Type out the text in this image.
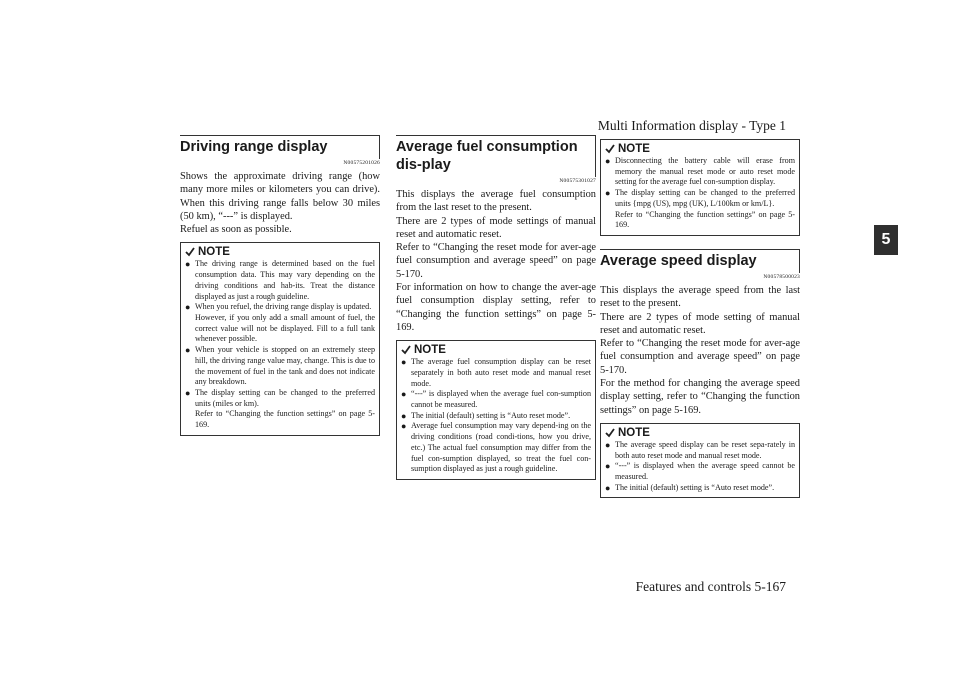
Multi Information display - Type 1
5
Driving range display
N00575201026

Shows the approximate driving range (how many more miles or kilometers you can drive). When this driving range falls below 30 miles (50 km), “---” is displayed.

Refuel as soon as possible.

NOTE
● The driving range is determined based on the fuel consumption data. This may vary depending on the driving conditions and hab-its. Treat the distance displayed as just a rough guideline.
● When you refuel, the driving range display is updated.
However, if you only add a small amount of fuel, the correct value will not be displayed. Fill to a full tank whenever possible.
● When your vehicle is stopped on an extremely steep hill, the driving range value may, change. This is due to the movement of fuel in the tank and does not indicate any breakdown.
● The display setting can be changed to the preferred units (miles or km).
Refer to “Changing the function settings” on page 5-169.
Average fuel consumption dis-play
N00575301027

This displays the average fuel consumption from the last reset to the present.

There are 2 types of mode settings of manual reset and automatic reset.

Refer to “Changing the reset mode for aver-age fuel consumption and average speed” on page 5-170.

For information on how to change the aver-age fuel consumption display setting, refer to “Changing the function settings” on page 5-169.

NOTE
● The average fuel consumption display can be reset separately in both auto reset mode and manual reset mode.
● “---” is displayed when the average fuel con-sumption cannot be measured.
● The initial (default) setting is “Auto reset mode”.
● Average fuel consumption may vary depend-ing on the driving conditions (road condi-tions, how you drive, etc.) The actual fuel consumption may differ from the fuel con-sumption displayed, so treat the fuel con-sumption displayed as just a rough guideline.
NOTE
● Disconnecting the battery cable will erase from memory the manual reset mode or auto reset mode setting for the average fuel con-sumption display.
● The display setting can be changed to the preferred units {mpg (US), mpg (UK), L/100km or km/L}.
Refer to “Changing the function settings” on page 5-169.
Average speed display
N00578500023

This displays the average speed from the last reset to the present.

There are 2 types of mode setting of manual reset and automatic reset.

Refer to “Changing the reset mode for aver-age fuel consumption and average speed” on page 5-170.

For the method for changing the average speed display setting, refer to “Changing the function settings” on page 5-169.

NOTE
● The average speed display can be reset sepa-rately in both auto reset mode and manual reset mode.
● “---” is displayed when the average speed cannot be measured.
● The initial (default) setting is “Auto reset mode”.
Features and controls 5-167
